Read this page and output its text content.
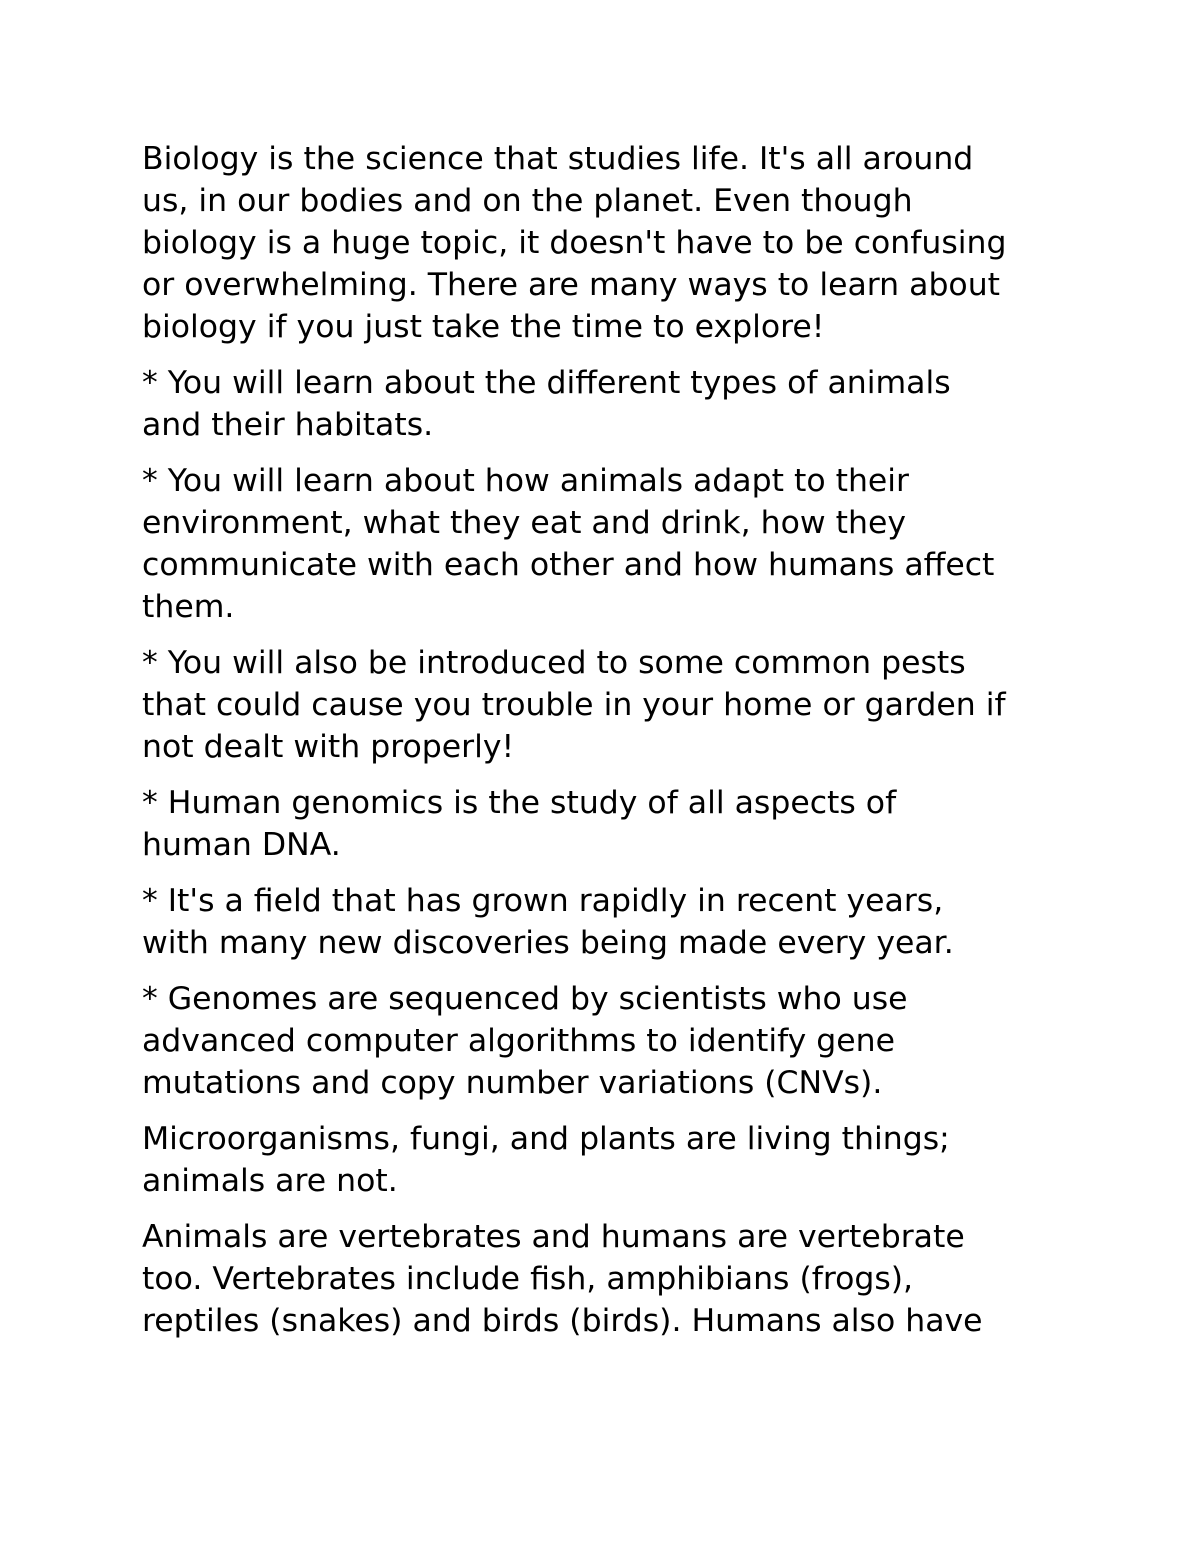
Biology is the science that studies life. It's all around
us, in our bodies and on the planet. Even though
biology is a huge topic, it doesn't have to be confusing
or overwhelming. There are many ways to learn about
biology if you just take the time to explore!
* You will learn about the different types of animals
and their habitats.
* You will learn about how animals adapt to their
environment, what they eat and drink, how they
communicate with each other and how humans affect
them.
* You will also be introduced to some common pests
that could cause you trouble in your home or garden if
not dealt with properly!
* Human genomics is the study of all aspects of
human DNA.
* It's a field that has grown rapidly in recent years,
with many new discoveries being made every year.
* Genomes are sequenced by scientists who use
advanced computer algorithms to identify gene
mutations and copy number variations (CNVs).
Microorganisms, fungi, and plants are living things;
animals are not.
Animals are vertebrates and humans are vertebrate
too. Vertebrates include fish, amphibians (frogs),
reptiles (snakes) and birds (birds). Humans also have
